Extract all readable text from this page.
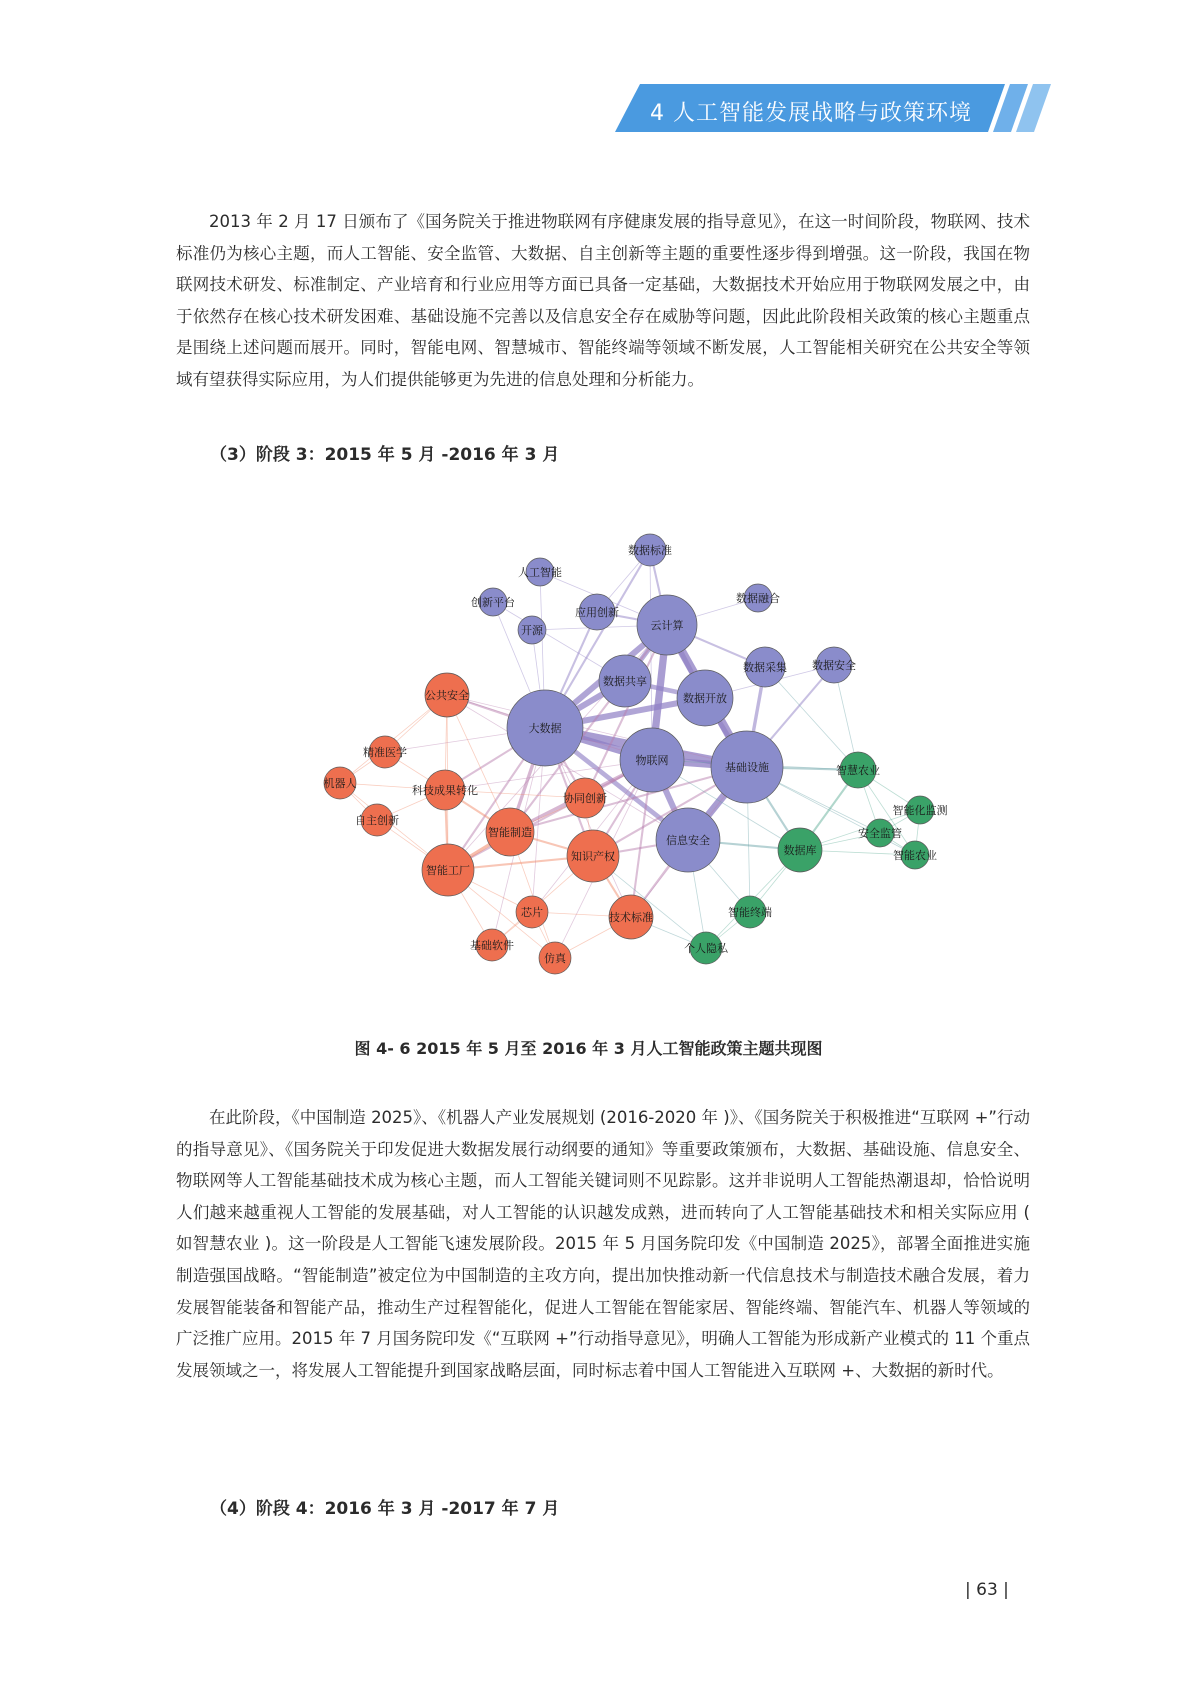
4 人工智能发展战略与政策环境

2013 年 2 月 17 日颁布了《国务院关于推进物联网有序健康发展的指导意见》，在这一时间阶段，物联网、技术标准仍为核心主题，而人工智能、安全监管、大数据、自主创新等主题的重要性逐步得到增强。这一阶段，我国在物联网技术研发、标准制定、产业培育和行业应用等方面已具备一定基础，大数据技术开始应用于物联网发展之中，由于依然存在核心技术研发困难、基础设施不完善以及信息安全存在威胁等问题，因此此阶段相关政策的核心主题重点是围绕上述问题而展开。同时，智能电网、智慧城市、智能终端等领域不断发展，人工智能相关研究在公共安全等领域有望获得实际应用，为人们提供能够更为先进的信息处理和分析能力。

（3）阶段 3：2015 年 5 月 -2016 年 3 月
数据标准
人工智能
创新平台
应用创新
数据融合
云计算
开源
数据采集 数据安全
数据共享
数据开放
大数据
物联网
基础设施
信息安全
公共安全
精准医学
机器人
科技成果转化
协同创新
自主创新
智能制造
知识产权
智能工厂
芯片	技术标准
基础软件
仿真
智慧农业
智能化监测
安全监管
智能农业
数据库
智能终端
个人隐私
图 4- 6 2015 年 5 月至 2016 年 3 月人工智能政策主题共现图

在此阶段，《中国制造 2025》、《机器人产业发展规划 (2016-2020 年 )》、《国务院关于积极推进“互联网 +”行动的指导意见》、《国务院关于印发促进大数据发展行动纲要的通知》等重要政策颁布，大数据、基础设施、信息安全、物联网等人工智能基础技术成为核心主题，而人工智能关键词则不见踪影。这并非说明人工智能热潮退却，恰恰说明人们越来越重视人工智能的发展基础，对人工智能的认识越发成熟，进而转向了人工智能基础技术和相关实际应用 ( 如智慧农业 )。这一阶段是人工智能飞速发展阶段。2015 年 5 月国务院印发《中国制造 2025》，部署全面推进实施制造强国战略。“智能制造”被定位为中国制造的主攻方向，提出加快推动新一代信息技术与制造技术融合发展，着力发展智能装备和智能产品，推动生产过程智能化，促进人工智能在智能家居、智能终端、智能汽车、机器人等领域的广泛推广应用。2015 年 7 月国务院印发《“互联网 +”行动指导意见》，明确人工智能为形成新产业模式的 11 个重点发展领域之一，将发展人工智能提升到国家战略层面，同时标志着中国人工智能进入互联网 +、大数据的新时代。

（4）阶段 4：2016 年 3 月 -2017 年 7 月
| 63 |
